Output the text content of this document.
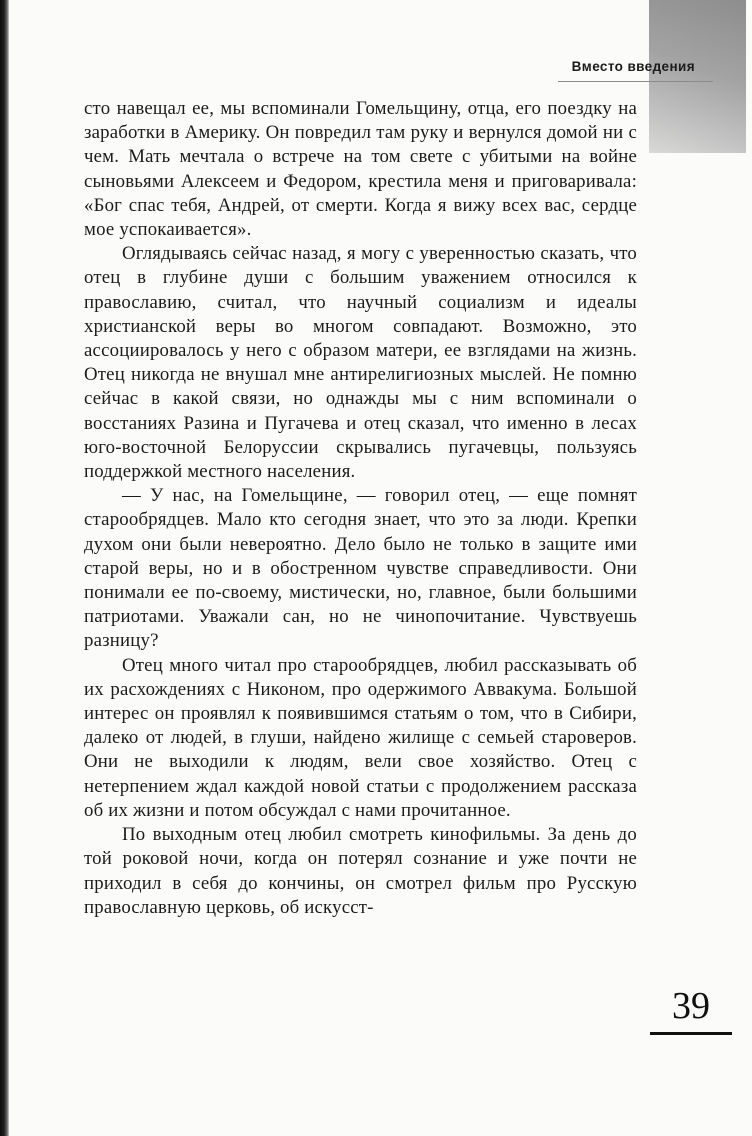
Вместо введения

сто навещал ее, мы вспоминали Гомельщину, отца, его поездку на заработки в Америку. Он повредил там руку и вернулся домой ни с чем. Мать мечтала о встрече на том свете с убитыми на войне сыновьями Алексеем и Федором, крестила меня и приговаривала: «Бог спас тебя, Андрей, от смерти. Когда я вижу всех вас, сердце мое успокаивается».

Оглядываясь сейчас назад, я могу с уверенностью сказать, что отец в глубине души с большим уважением относился к православию, считал, что научный социализм и идеалы христианской веры во многом совпадают. Возможно, это ассоциировалось у него с образом матери, ее взглядами на жизнь. Отец никогда не внушал мне антирелигиозных мыслей. Не помню сейчас в какой связи, но однажды мы с ним вспоминали о восстаниях Разина и Пугачева и отец сказал, что именно в лесах юго-восточной Белоруссии скрывались пугачевцы, пользуясь поддержкой местного населения.

— У нас, на Гомельщине, — говорил отец, — еще помнят старообрядцев. Мало кто сегодня знает, что это за люди. Крепки духом они были невероятно. Дело было не только в защите ими старой веры, но и в обостренном чувстве справедливости. Они понимали ее по-своему, мистически, но, главное, были большими патриотами. Уважали сан, но не чинопочитание. Чувствуешь разницу?

Отец много читал про старообрядцев, любил рассказывать об их расхождениях с Никоном, про одержимого Аввакума. Большой интерес он проявлял к появившимся статьям о том, что в Сибири, далеко от людей, в глуши, найдено жилище с семьей староверов. Они не выходили к людям, вели свое хозяйство. Отец с нетерпением ждал каждой новой статьи с продолжением рассказа об их жизни и потом обсуждал с нами прочитанное.

По выходным отец любил смотреть кинофильмы. За день до той роковой ночи, когда он потерял сознание и уже почти не приходил в себя до кончины, он смотрел фильм про Русскую православную церковь, об искусст-

39
